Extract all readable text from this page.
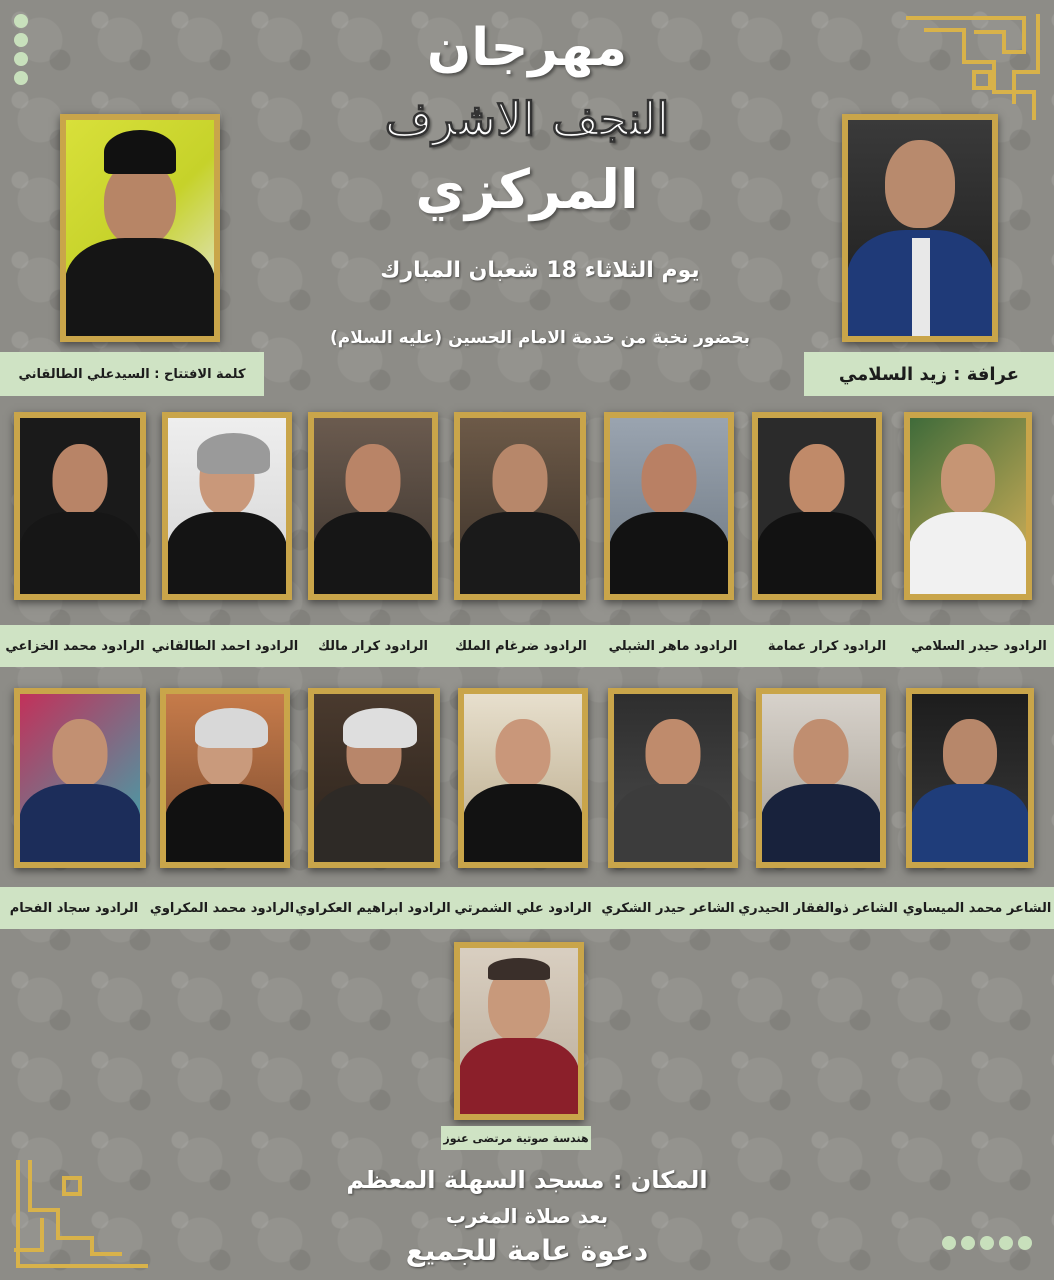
مهرجان
النجف الاشرف
المركزي
يوم الثلاثاء 18 شعبان المبارك
بحضور نخبة من خدمة الامام الحسين (عليه السلام)
كلمة الافتتاح : السيدعلي الطالقاني	عرافة : زيد السلامي
الرادود حيدر السلامي
الرادود كرار عمامة
الرادود ماهر الشبلي
الرادود ضرغام الملك
الرادود كرار مالك
الرادود احمد الطالقاني
الرادود محمد الخزاعي
الشاعر محمد الميساوي
الشاعر ذوالفقار الحيدري
الشاعر حيدر الشكري
الرادود علي الشمرتي
الرادود ابراهيم العكراوي
الرادود محمد المكراوي
الرادود سجاد الفحام
هندسة صوتية مرتضى عنوز
المكان : مسجد السهلة المعظم
بعد صلاة المغرب
دعوة عامة للجميع
